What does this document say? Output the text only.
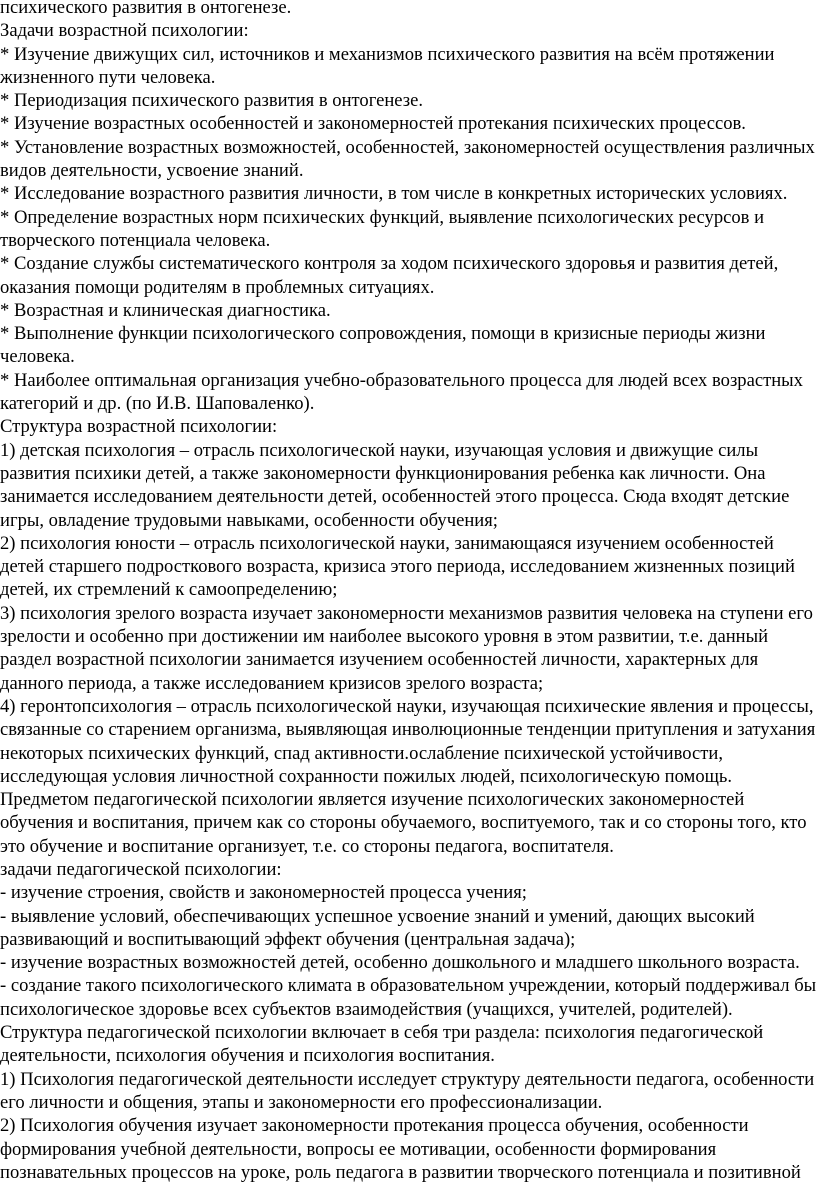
психического развития в онтогенезе.
Задачи возрастной психологии:
* Изучение движущих сил, источников и механизмов психического развития на всём протяжении
жизненного пути человека.
* Периодизация психического развития в онтогенезе.
* Изучение возрастных особенностей и закономерностей протекания психических процессов.
* Установление возрастных возможностей, особенностей, закономерностей осуществления различных
видов деятельности, усвоение знаний.
* Исследование возрастного развития личности, в том числе в конкретных исторических условиях.
* Определение возрастных норм психических функций, выявление психологических ресурсов и
творческого потенциала человека.
* Создание службы систематического контроля за ходом психического здоровья и развития детей,
оказания помощи родителям в проблемных ситуациях.
* Возрастная и клиническая диагностика.
* Выполнение функции психологического сопровождения, помощи в кризисные периоды жизни
человека.
* Наиболее оптимальная организация учебно-образовательного процесса для людей всех возрастных
категорий и др. (по И.В. Шаповаленко).
Структура возрастной психологии:
1) детская психология – отрасль психологической науки, изучающая условия и движущие силы
развития психики детей, а также закономерности функционирования ребенка как личности. Она
занимается исследованием деятельности детей, особенностей этого процесса. Сюда входят детские
игры, овладение трудовыми навыками, особенности обучения;
2) психология юности – отрасль психологической науки, занимающаяся изучением особенностей
детей старшего подросткового возраста, кризиса этого периода, исследованием жизненных позиций
детей, их стремлений к самоопределению;
3) психология зрелого возраста изучает закономерности механизмов развития человека на ступени его
зрелости и особенно при достижении им наиболее высокого уровня в этом развитии, т.е. данный
раздел возрастной психологии занимается изучением особенностей личности, характерных для
данного периода, а также исследованием кризисов зрелого возраста;
4) геронтопсихология – отрасль психологической науки, изучающая психические явления и процессы,
связанные со старением организма, выявляющая инволюционные тенденции притупления и затухания
некоторых психических функций, спад активности.ослабление психической устойчивости,
исследующая условия личностной сохранности пожилых людей, психологическую помощь.
Предметом педагогической психологии является изучение психологических закономерностей
обучения и воспитания, причем как со стороны обучаемого, воспитуемого, так и со стороны того, кто
это обучение и воспитание организует, т.е. со стороны педагога, воспитателя.
задачи педагогической психологии:
- изучение строения, свойств и закономерностей процесса учения;
- выявление условий, обеспечивающих успешное усвоение знаний и умений, дающих высокий
развивающий и воспитывающий эффект обучения (центральная задача);
- изучение возрастных возможностей детей, особенно дошкольного и младшего школьного возраста.
- создание такого психологического климата в образовательном учреждении, который поддерживал бы
психологическое здоровье всех субъектов взаимодействия (учащихся, учителей, родителей).
Структура педагогической психологии включает в себя три раздела: психология педагогической
деятельности, психология обучения и психология воспитания.
1) Психология педагогической деятельности исследует структуру деятельности педагога, особенности
его личности и общения, этапы и закономерности его профессионализации.
2) Психология обучения изучает закономерности протекания процесса обучения, особенности
формирования учебной деятельности, вопросы ее мотивации, особенности формирования
познавательных процессов на уроке, роль педагога в развитии творческого потенциала и позитивной
